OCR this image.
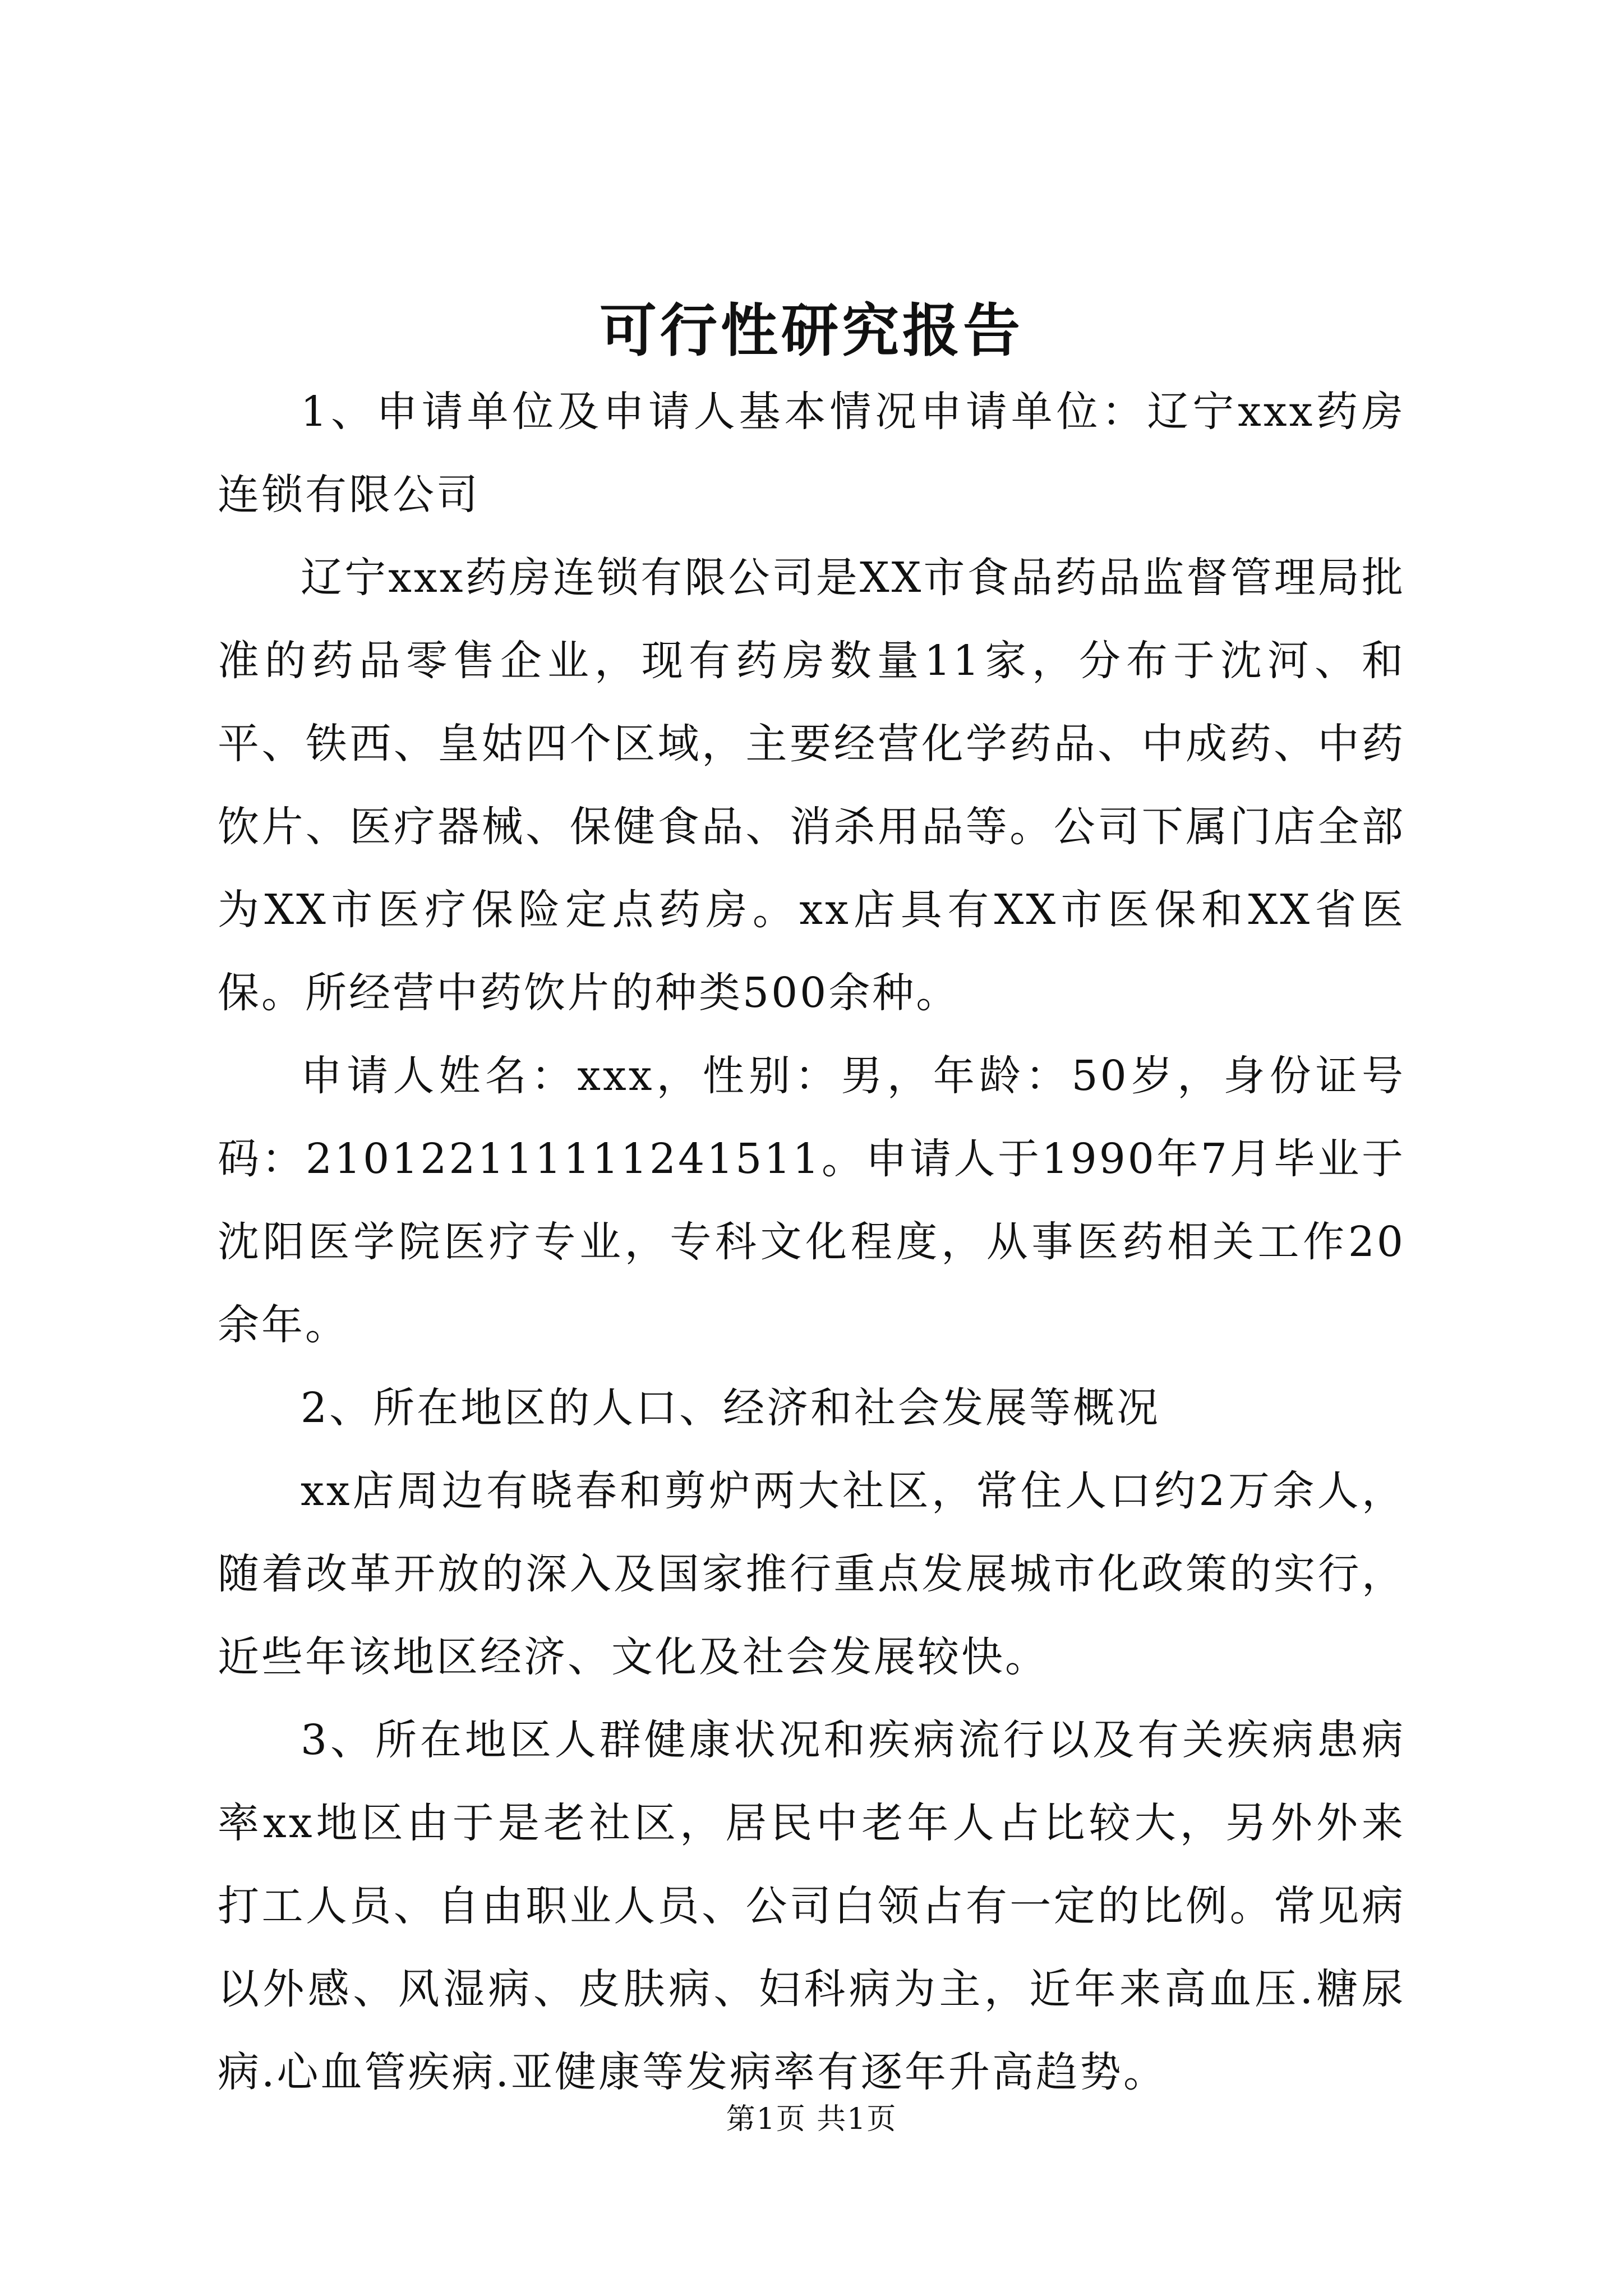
可行性研究报告

1、申请单位及申请人基本情况申请单位：辽宁xxx药房连锁有限公司

辽宁xxx药房连锁有限公司是XX市食品药品监督管理局批准的药品零售企业，现有药房数量11家，分布于沈河、和平、铁西、皇姑四个区域，主要经营化学药品、中成药、中药饮片、医疗器械、保健食品、消杀用品等。公司下属门店全部为XX市医疗保险定点药房。xx店具有XX市医保和XX省医保。所经营中药饮片的种类500余种。

申请人姓名：xxx，性别：男，年龄：50岁，身份证号码：210122111111241511。申请人于1990年7月毕业于沈阳医学院医疗专业，专科文化程度，从事医药相关工作20余年。

2、所在地区的人口、经济和社会发展等概况

xx店周边有晓春和剪炉两大社区，常住人口约2万余人，随着改革开放的深入及国家推行重点发展城市化政策的实行，近些年该地区经济、文化及社会发展较快。

3、所在地区人群健康状况和疾病流行以及有关疾病患病率xx地区由于是老社区，居民中老年人占比较大，另外外来打工人员、自由职业人员、公司白领占有一定的比例。常见病以外感、风湿病、皮肤病、妇科病为主，近年来高血压.糖尿病.心血管疾病.亚健康等发病率有逐年升高趋势。

第1页 共1页
